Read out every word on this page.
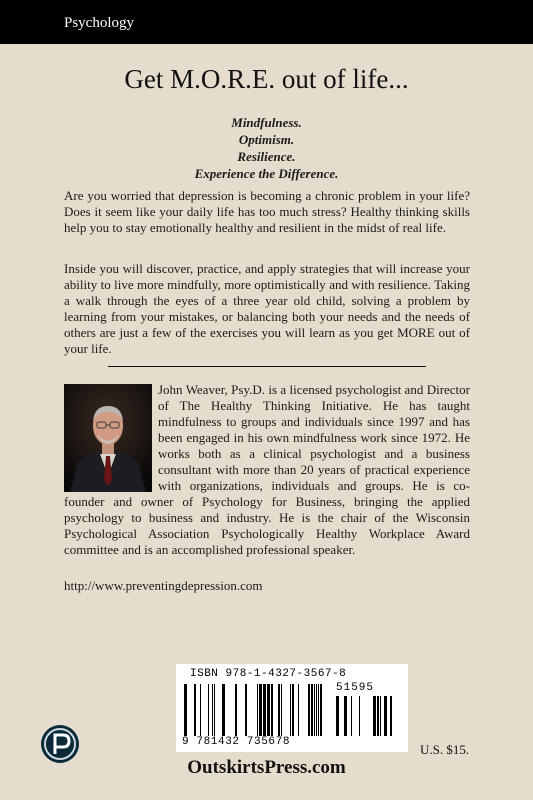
Psychology
Get M.O.R.E. out of life...
Mindfulness.
Optimism.
Resilience.
Experience the Difference.

Are you worried that depression is becoming a chronic problem in your life? Does it seem like your daily life has too much stress? Healthy thinking skills help you to stay emotionally healthy and resilient in the midst of real life.

Inside you will discover, practice, and apply strategies that will increase your ability to live more mindfully, more optimistically and with resilience. Taking a walk through the eyes of a three year old child, solving a problem by learning from your mistakes, or balancing both your needs and the needs of others are just a few of the exercises you will learn as you get MORE out of your life.

John Weaver, Psy.D. is a licensed psychologist and Director of The Healthy Thinking Initiative. He has taught mindfulness to groups and individuals since 1997 and has been engaged in his own mindfulness work since 1972. He works both as a clinical psychologist and a business consultant with more than 20 years of practical experience with organizations, individuals and groups. He is co-founder and owner of Psychology for Business, bringing the applied psychology to business and industry. He is the chair of the Wisconsin Psychological Association Psychologically Healthy Workplace Award committee and is an accomplished professional speaker.
http://www.preventingdepression.com
ISBN 978-1-4327-3567-8
51595
9 781432 735678
OutskirtsPress.com
U.S. $15.
